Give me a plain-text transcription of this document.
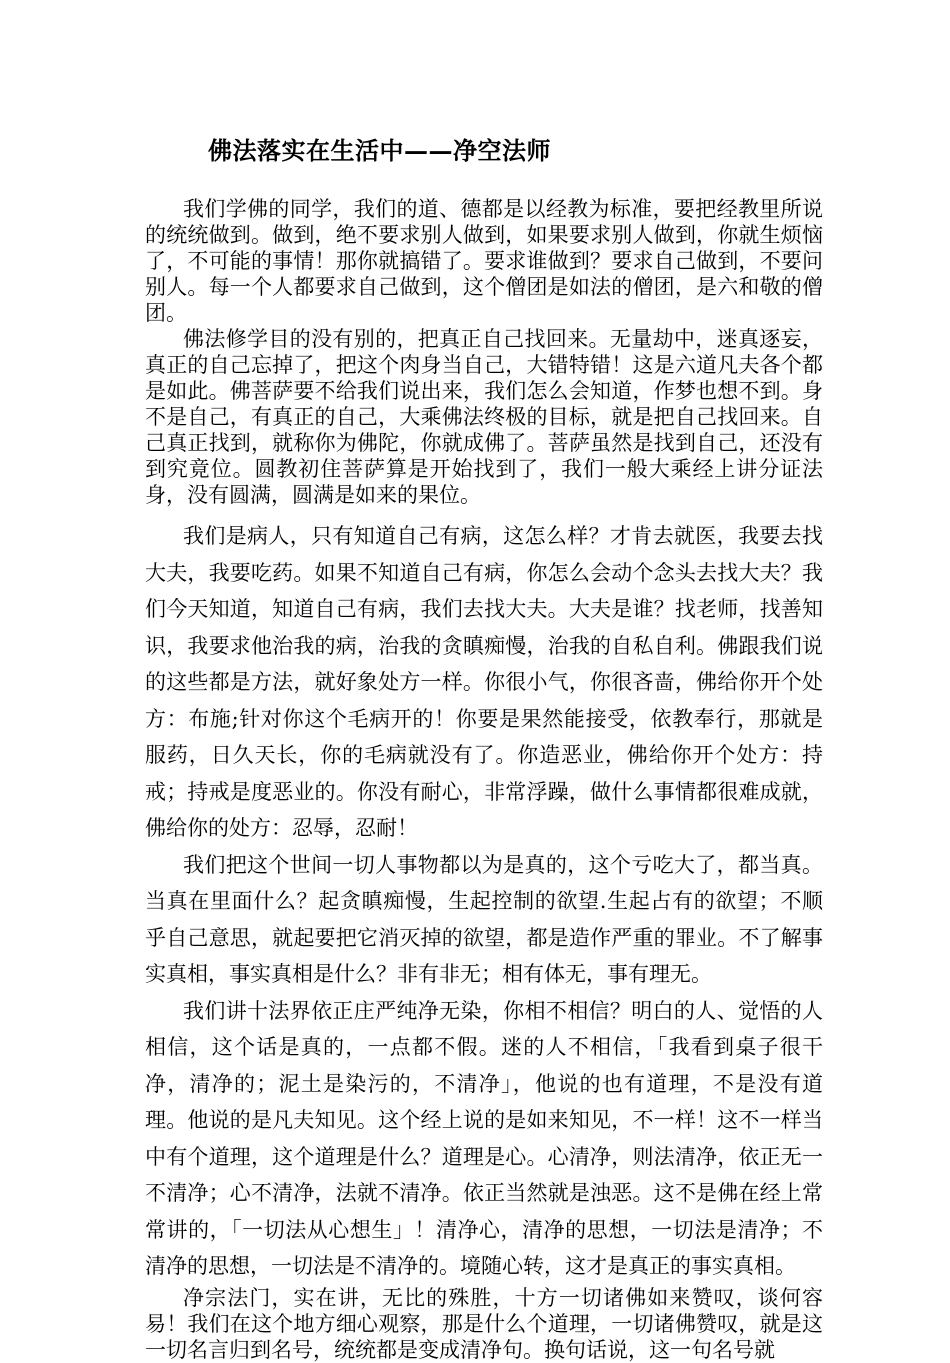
佛法落实在生活中——净空法师

我们学佛的同学，我们的道、德都是以经教为标准，要把经教里所说的统统做到。做到，绝不要求别人做到，如果要求别人做到，你就生烦恼了，不可能的事情！那你就搞错了。要求谁做到？要求自己做到，不要问别人。每一个人都要求自己做到，这个僧团是如法的僧团，是六和敬的僧团。

佛法修学目的没有别的，把真正自己找回来。无量劫中，迷真逐妄，真正的自己忘掉了，把这个肉身当自己，大错特错！这是六道凡夫各个都是如此。佛菩萨要不给我们说出来，我们怎么会知道，作梦也想不到。身不是自己，有真正的自己，大乘佛法终极的目标，就是把自己找回来。自己真正找到，就称你为佛陀，你就成佛了。菩萨虽然是找到自己，还没有到究竟位。圆教初住菩萨算是开始找到了，我们一般大乘经上讲分证法身，没有圆满，圆满是如来的果位。

我们是病人，只有知道自己有病，这怎么样？才肯去就医，我要去找大夫，我要吃药。如果不知道自己有病，你怎么会动个念头去找大夫？我们今天知道，知道自己有病，我们去找大夫。大夫是谁？找老师，找善知识，我要求他治我的病，治我的贪瞋痴慢，治我的自私自利。佛跟我们说的这些都是方法，就好象处方一样。你很小气，你很吝啬，佛给你开个处方：布施;针对你这个毛病开的！你要是果然能接受，依教奉行，那就是服药，日久天长，你的毛病就没有了。你造恶业，佛给你开个处方：持戒；持戒是度恶业的。你没有耐心，非常浮躁，做什么事情都很难成就，佛给你的处方：忍辱，忍耐！

我们把这个世间一切人事物都以为是真的，这个亏吃大了，都当真。当真在里面什么？起贪瞋痴慢，生起控制的欲望.生起占有的欲望；不顺乎自己意思，就起要把它消灭掉的欲望，都是造作严重的罪业。不了解事实真相，事实真相是什么？非有非无；相有体无，事有理无。

我们讲十法界依正庄严纯净无染，你相不相信？明白的人、觉悟的人相信，这个话是真的，一点都不假。迷的人不相信，「我看到桌子很干净，清净的；泥土是染污的，不清净」，他说的也有道理，不是没有道理。他说的是凡夫知见。这个经上说的是如来知见，不一样！这不一样当中有个道理，这个道理是什么？道理是心。心清净，则法清净，依正无一不清净；心不清净，法就不清净。依正当然就是浊恶。这不是佛在经上常常讲的，「一切法从心想生」！清净心，清净的思想，一切法是清净；不清净的思想，一切法是不清净的。境随心转，这才是真正的事实真相。

净宗法门，实在讲，无比的殊胜，十方一切诸佛如来赞叹，谈何容易！我们在这个地方细心观察，那是什么个道理，一切诸佛赞叹，就是这一切名言归到名号，统统都是变成清净句。换句话说，这一句名号就
